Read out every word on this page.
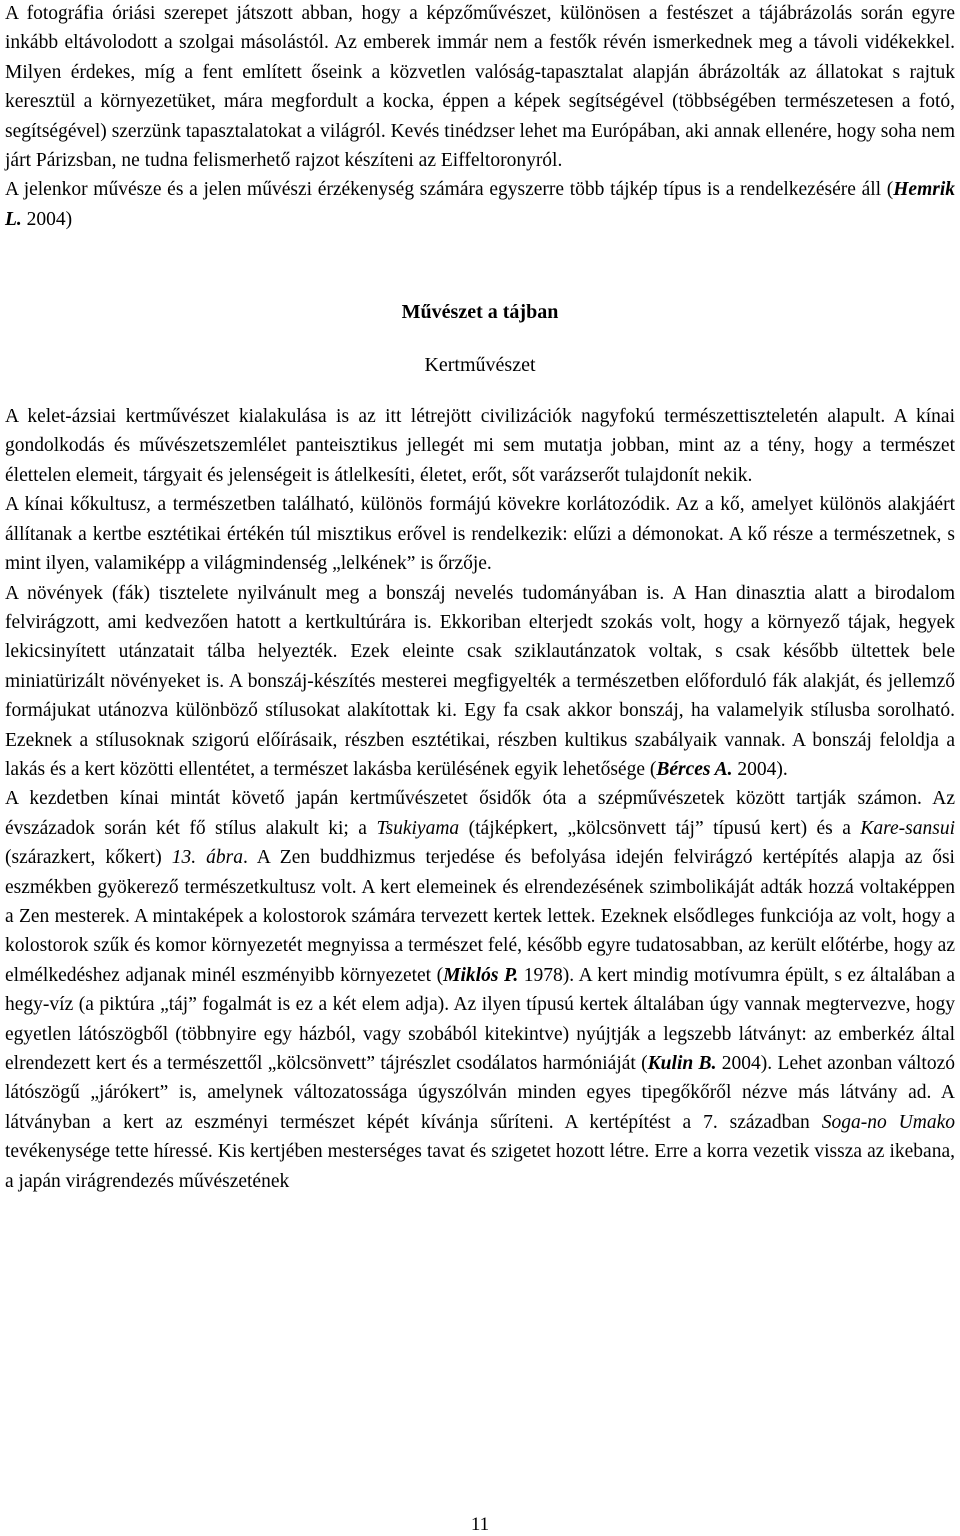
A fotográfia óriási szerepet játszott abban, hogy a képzőművészet, különösen a festészet a tájábrázolás során egyre inkább eltávolodott a szolgai másolástól. Az emberek immár nem a festők révén ismerkednek meg a távoli vidékekkel. Milyen érdekes, míg a fent említett őseink a közvetlen valóság-tapasztalat alapján ábrázolták az állatokat s rajtuk keresztül a környezetüket, mára megfordult a kocka, éppen a képek segítségével (többségében természetesen a fotó, segítségével) szerzünk tapasztalatokat a világról. Kevés tinédzser lehet ma Európában, aki annak ellenére, hogy soha nem járt Párizsban, ne tudna felismerhető rajzot készíteni az Eiffeltoronyról.

A jelenkor művésze és a jelen művészi érzékenység számára egyszerre több tájkép típus is a rendelkezésére áll (Hemrik L. 2004)

Művészet a tájban
Kertművészet

A kelet-ázsiai kertművészet kialakulása is az itt létrejött civilizációk nagyfokú természettiszteletén alapult. A kínai gondolkodás és művészetszemlélet panteisztikus jellegét mi sem mutatja jobban, mint az a tény, hogy a természet élettelen elemeit, tárgyait és jelenségeit is átlelkesíti, életet, erőt, sőt varázserőt tulajdonít nekik.

A kínai kőkultusz, a természetben található, különös formájú kövekre korlátozódik. Az a kő, amelyet különös alakjáért állítanak a kertbe esztétikai értékén túl misztikus erővel is rendelkezik: elűzi a démonokat. A kő része a természetnek, s mint ilyen, valamiképp a világmindenség „lelkének” is őrzője.

A növények (fák) tisztelete nyilvánult meg a bonszáj nevelés tudományában is. A Han dinasztia alatt a birodalom felvirágzott, ami kedvezően hatott a kertkultúrára is. Ekkoriban elterjedt szokás volt, hogy a környező tájak, hegyek lekicsinyített utánzatait tálba helyezték. Ezek eleinte csak sziklautánzatok voltak, s csak később ültettek bele miniatürizált növényeket is. A bonszáj-készítés mesterei megfigyelték a természetben előforduló fák alakját, és jellemző formájukat utánozva különböző stílusokat alakítottak ki. Egy fa csak akkor bonszáj, ha valamelyik stílusba sorolható. Ezeknek a stílusoknak szigorú előírásaik, részben esztétikai, részben kultikus szabályaik vannak. A bonszáj feloldja a lakás és a kert közötti ellentétet, a természet lakásba kerülésének egyik lehetősége (Bérces A. 2004).

A kezdetben kínai mintát követő japán kertművészetet ősidők óta a szépművészetek között tartják számon. Az évszázadok során két fő stílus alakult ki; a Tsukiyama (tájképkert, „kölcsönvett táj” típusú kert) és a Kare-sansui (szárazkert, kőkert) 13. ábra. A Zen buddhizmus terjedése és befolyása idején felvirágzó kertépítés alapja az ősi eszmékben gyökerező természetkultusz volt. A kert elemeinek és elrendezésének szimbolikáját adták hozzá voltaképpen a Zen mesterek. A mintaképek a kolostorok számára tervezett kertek lettek. Ezeknek elsődleges funkciója az volt, hogy a kolostorok szűk és komor környezetét megnyissa a természet felé, később egyre tudatosabban, az került előtérbe, hogy az elmélkedéshez adjanak minél eszményibb környezetet (Miklós P. 1978). A kert mindig motívumra épült, s ez általában a hegy-víz (a piktúra „táj” fogalmát is ez a két elem adja). Az ilyen típusú kertek általában úgy vannak megtervezve, hogy egyetlen látószögből (többnyire egy házból, vagy szobából kitekintve) nyújtják a legszebb látványt: az emberkéz által elrendezett kert és a természettől „kölcsönvett” tájrészlet csodálatos harmóniáját (Kulin B. 2004). Lehet azonban változó látószögű „járókert” is, amelynek változatossága úgyszólván minden egyes tipegőkőről nézve más látvány ad. A látványban a kert az eszményi természet képét kívánja sűríteni. A kertépítést a 7. században Soga-no Umako tevékenysége tette híressé. Kis kertjében mesterséges tavat és szigetet hozott létre. Erre a korra vezetik vissza az ikebana, a japán virágrendezés művészetének

11
